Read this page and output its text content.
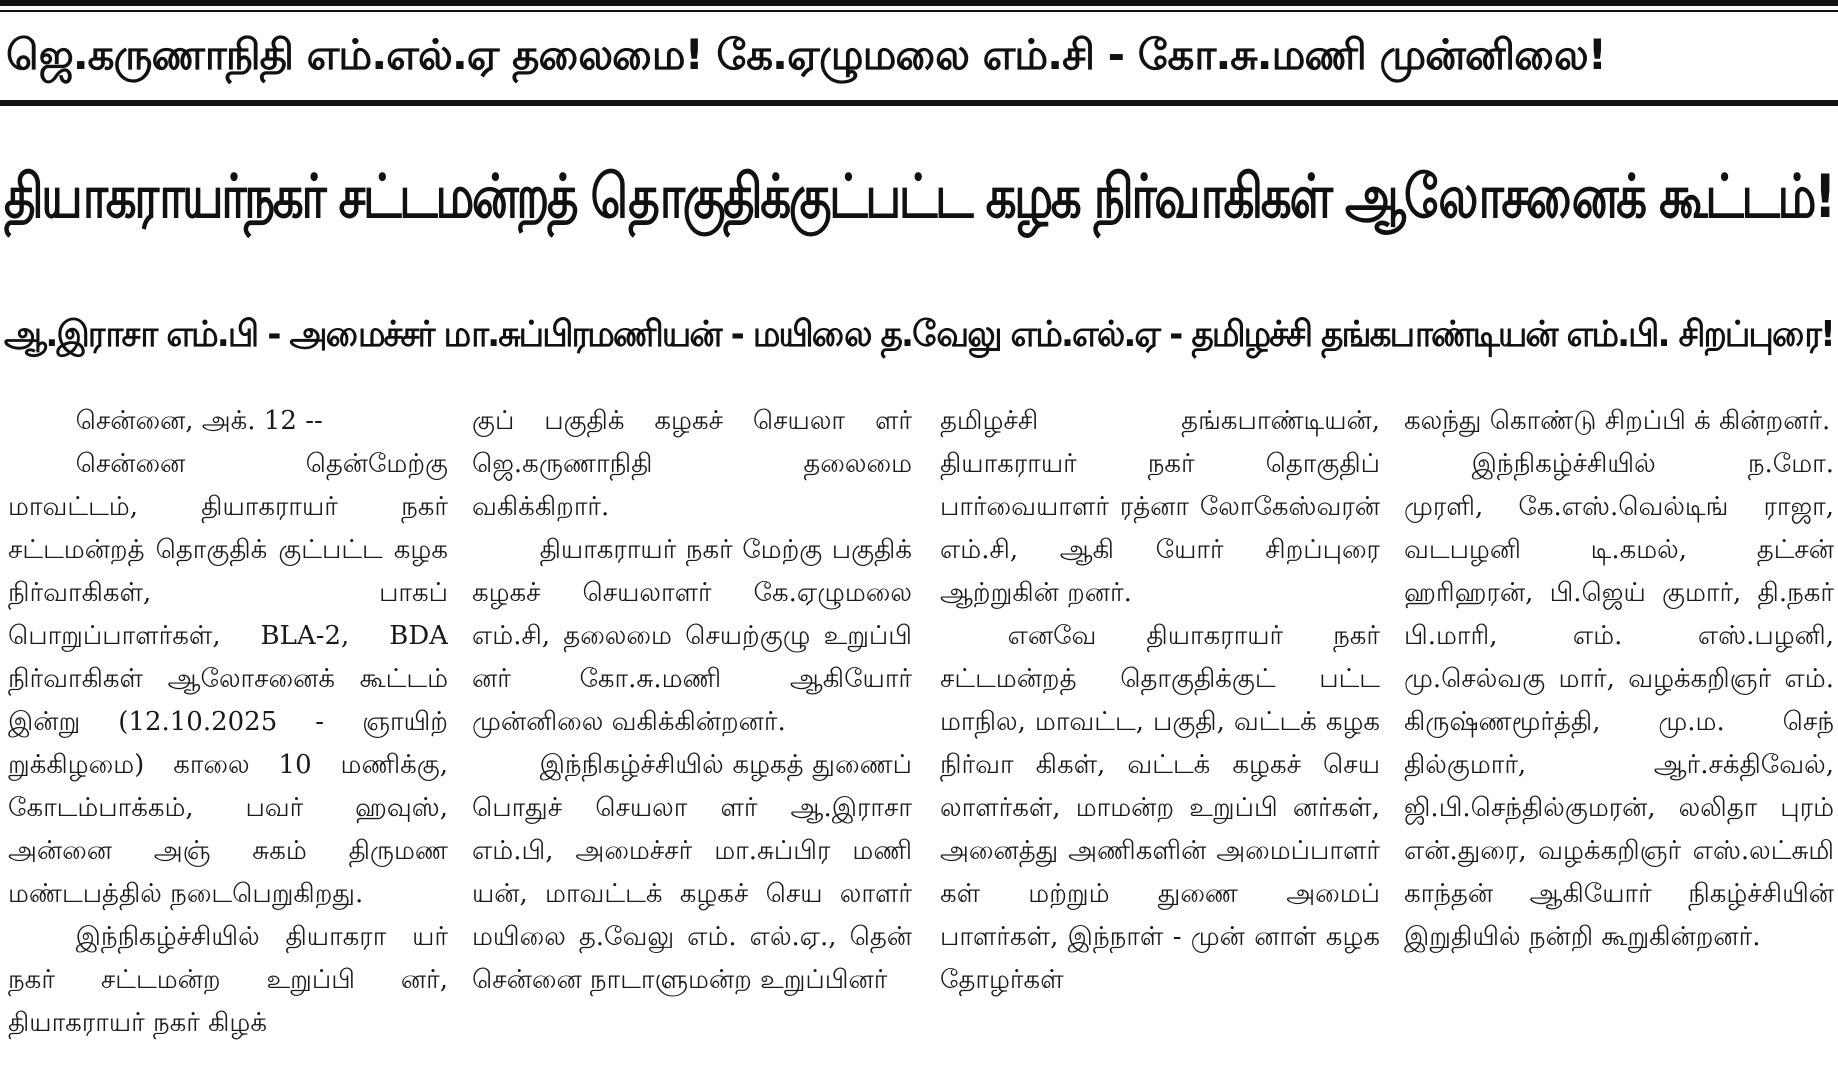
ஜெ.கருணாநிதி எம்.எல்.ஏ தலைமை! கே.ஏழுமலை எம்.சி - கோ.சு.மணி முன்னிலை!
தியாகராயர்நகர் சட்டமன்றத் தொகுதிக்குட்பட்ட கழக நிர்வாகிகள் ஆலோசனைக் கூட்டம்!
ஆ.இராசா எம்.பி - அமைச்சர் மா.சுப்பிரமணியன் - மயிலை த.வேலு எம்.எல்.ஏ - தமிழச்சி தங்கபாண்டியன் எம்.பி. சிறப்புரை!

சென்னை, அக். 12 --

சென்னை தென்மேற்கு மாவட்டம், தியாகராயர் நகர் சட்டமன்றத் தொகுதிக் குட்பட்ட கழக நிர்வாகிகள், பாகப் பொறுப்பாளர்கள், BLA-2, BDA நிர்வாகிகள் ஆலோசனைக் கூட்டம் இன்று (12.10.2025 - ஞாயிற் றுக்கிழமை) காலை 10 மணிக்கு, கோடம்பாக்கம், பவர் ஹவுஸ், அன்னை அஞ் சுகம் திருமண மண்டபத்தில் நடைபெறுகிறது.

இந்நிகழ்ச்சியில் தியாகரா யர் நகர் சட்டமன்ற உறுப்பி னர், தியாகராயர் நகர் கிழக்

குப் பகுதிக் கழகச் செயலா ளர் ஜெ.கருணாநிதி தலைமை வகிக்கிறார்.

தியாகராயர் நகர் மேற்கு பகுதிக் கழகச் செயலாளர் கே.ஏழுமலை எம்.சி, தலைமை செயற்குழு உறுப்பி னர் கோ.சு.மணி ஆகியோர் முன்னிலை வகிக்கின்றனர்.

இந்நிகழ்ச்சியில் கழகத் துணைப் பொதுச் செயலா ளர் ஆ.இராசா எம்.பி, அமைச்சர் மா.சுப்பிர மணி யன், மாவட்டக் கழகச் செய லாளர் மயிலை த.வேலு எம். எல்.ஏ., தென் சென்னை நாடாளுமன்ற உறுப்பினர்

தமிழச்சி தங்கபாண்டியன், தியாகராயர் நகர் தொகுதிப் பார்வையாளர் ரத்னா லோகேஸ்வரன் எம்.சி, ஆகி யோர் சிறப்புரை ஆற்றுகின் றனர்.

எனவே தியாகராயர் நகர் சட்டமன்றத் தொகுதிக்குட் பட்ட மாநில, மாவட்ட, பகுதி, வட்டக் கழக நிர்வா கிகள், வட்டக் கழகச் செய லாளர்கள், மாமன்ற உறுப்பி னர்கள், அனைத்து அணிகளின் அமைப்பாளர் கள் மற்றும் துணை அமைப் பாளர்கள், இந்நாள் - முன் னாள் கழக தோழர்கள்

கலந்து கொண்டு சிறப்பி க் கின்றனர்.

இந்நிகழ்ச்சியில் ந.மோ. முரளி, கே.எஸ்.வெல்டிங் ராஜா, வடபழனி டி.கமல், தட்சன் ஹரிஹரன், பி.ஜெய் குமார், தி.நகர் பி.மாரி, எம். எஸ்.பழனி, மு.செல்வகு மார், வழக்கறிஞர் எம். கிருஷ்ணமூர்த்தி, மு.ம. செந் தில்குமார், ஆர்.சக்திவேல், ஜி.பி.செந்தில்குமரன், லலிதா புரம் என்.துரை, வழக்கறிஞர் எஸ்.லட்சுமி காந்தன் ஆகியோர் நிகழ்ச்சியின் இறுதியில் நன்றி கூறுகின்றனர்.
